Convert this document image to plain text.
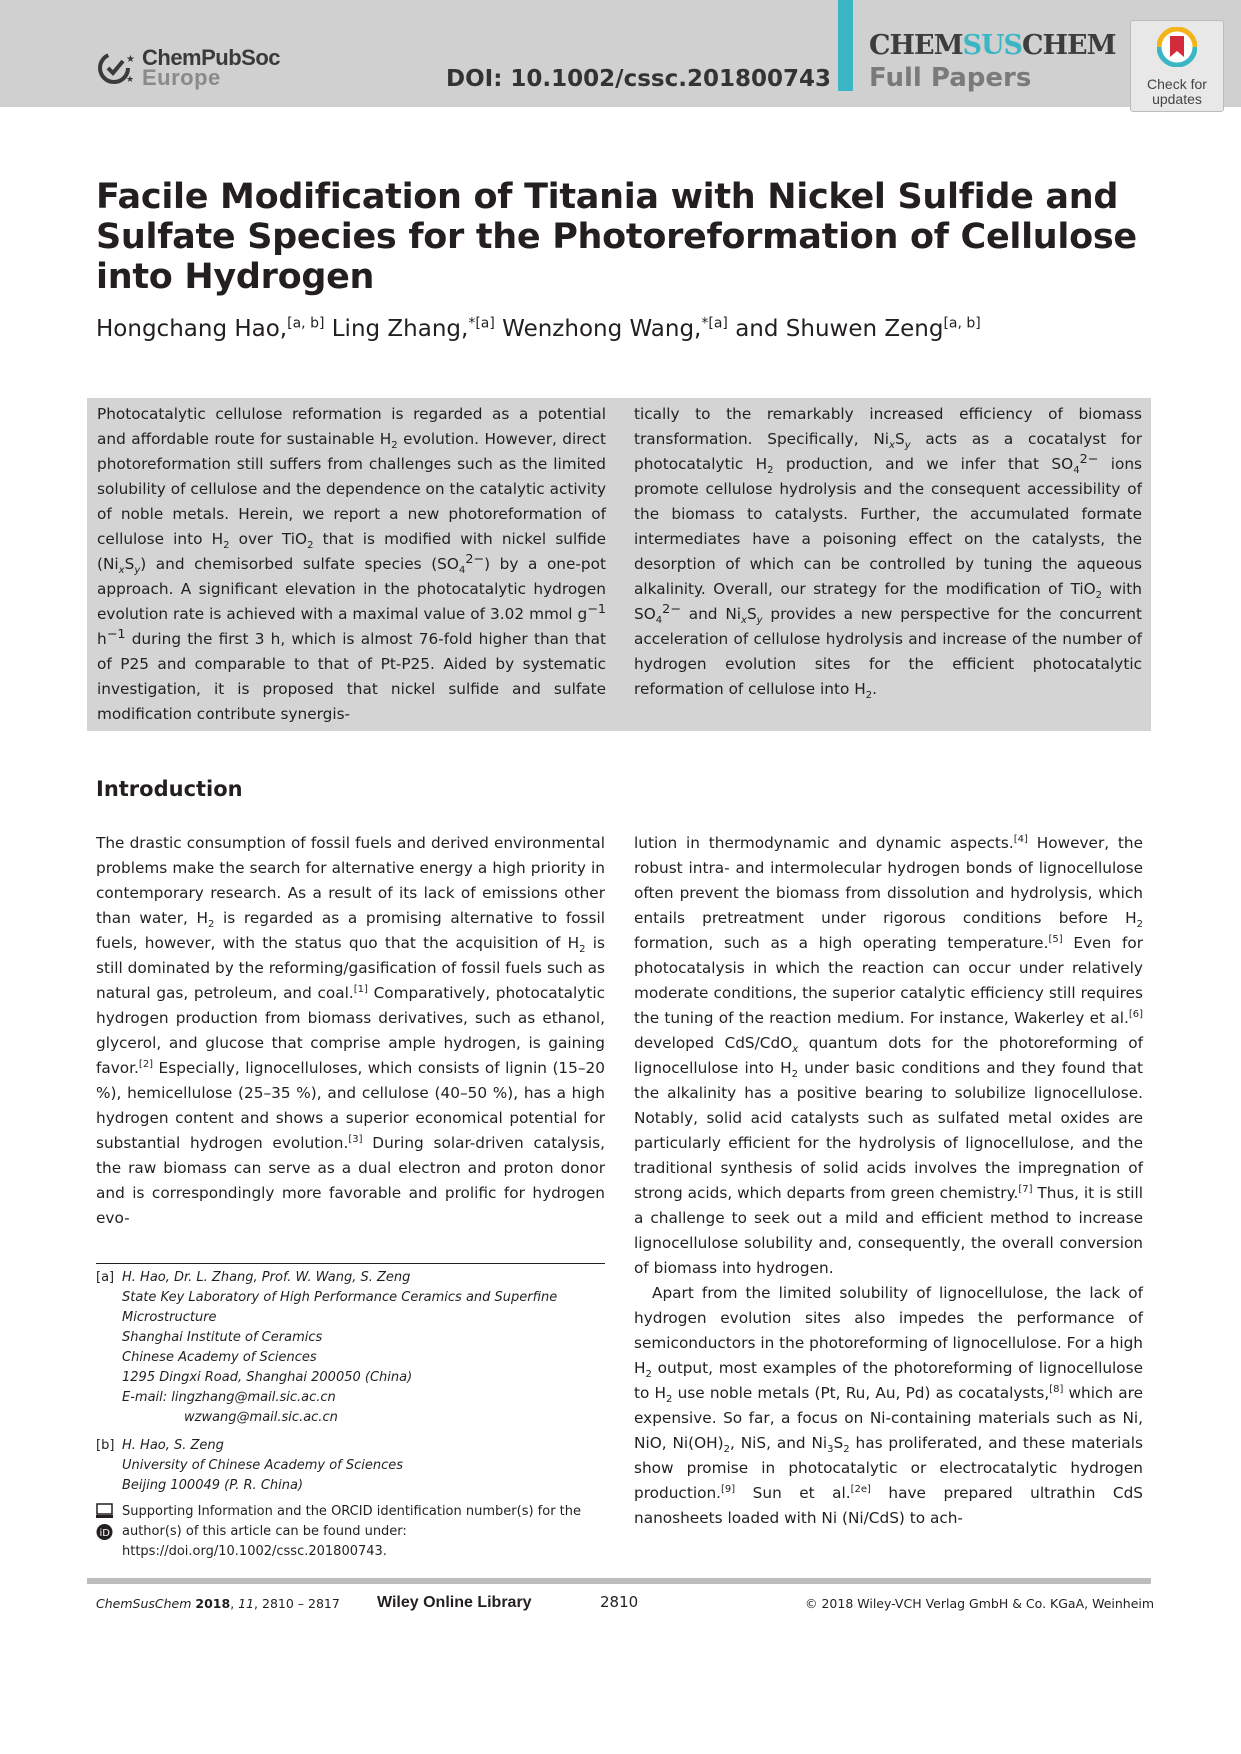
★
★
ChemPubSoc
Europe	DOI: 10.1002/cssc.201800743
CHEMSUSCHEM
Full Papers	Check for
updates
Facile Modification of Titania with Nickel Sulfide and Sulfate Species for the Photoreformation of Cellulose into Hydrogen
Hongchang Hao,[a, b] Ling Zhang,$^{*[a]}$ Wenzhong Wang,$^{*[a]}$ and Shuwen Zeng[a, b]
Photocatalytic cellulose reformation is regarded as a potential and affordable route for sustainable $H_2$ evolution. However, direct photoreformation still suffers from challenges such as the limited solubility of cellulose and the dependence on the catalytic activity of noble metals. Herein, we report a new photoreformation of cellulose into $H_2$ over TiO$_2$ that is modified with nickel sulfide $(Ni_xS_y)$ and chemisorbed sulfate species $(SO_4^{2-})$ by a one-pot approach. A significant elevation in the photocatalytic hydrogen evolution rate is achieved with a maximal value of 3.02 mmol $g^{-1}$ $h^{-1}$ during the first 3 h, which is almost 76-fold higher than that of P25 and comparable to that of Pt-P25. Aided by systematic investigation, it is proposed that nickel sulfide and sulfate modification contribute synergis-
tically to the remarkably increased efficiency of biomass transformation. Specifically, $Ni_xS_y$ acts as a cocatalyst for photocatalytic $H_2$ production, and we infer that $SO_4^{2-}$ ions promote cellulose hydrolysis and the consequent accessibility of the biomass to catalysts. Further, the accumulated formate intermediates have a poisoning effect on the catalysts, the desorption of which can be controlled by tuning the aqueous alkalinity. Overall, our strategy for the modification of TiO$_2$ with $SO_4^{2-}$ and $Ni_xS_y$ provides a new perspective for the concurrent acceleration of cellulose hydrolysis and increase of the number of hydrogen evolution sites for the efficient photocatalytic reformation of cellulose into $H_2$.
Introduction

The drastic consumption of fossil fuels and derived environmental problems make the search for alternative energy a high priority in contemporary research. As a result of its lack of emissions other than water, $H_2$ is regarded as a promising alternative to fossil fuels, however, with the status quo that the acquisition of $H_2$ is still dominated by the reforming/gasification of fossil fuels such as natural gas, petroleum, and coal.[1] Comparatively, photocatalytic hydrogen production from biomass derivatives, such as ethanol, glycerol, and glucose that comprise ample hydrogen, is gaining favor.[2] Especially, lignocelluloses, which consists of lignin (15–20 %), hemicellulose (25–35 %), and cellulose (40–50 %), has a high hydrogen content and shows a superior economical potential for substantial hydrogen evolution.[3] During solar-driven catalysis, the raw biomass can serve as a dual electron and proton donor and is correspondingly more favorable and prolific for hydrogen evo-

lution in thermodynamic and dynamic aspects.[4] However, the robust intra- and intermolecular hydrogen bonds of lignocellulose often prevent the biomass from dissolution and hydrolysis, which entails pretreatment under rigorous conditions before $H_2$ formation, such as a high operating temperature.[5] Even for photocatalysis in which the reaction can occur under relatively moderate conditions, the superior catalytic efficiency still requires the tuning of the reaction medium. For instance, Wakerley et al.[6] developed CdS/CdO$_x$ quantum dots for the photoreforming of lignocellulose into $H_2$ under basic conditions and they found that the alkalinity has a positive bearing to solubilize lignocellulose. Notably, solid acid catalysts such as sulfated metal oxides are particularly efficient for the hydrolysis of lignocellulose, and the traditional synthesis of solid acids involves the impregnation of strong acids, which departs from green chemistry.[7] Thus, it is still a challenge to seek out a mild and efficient method to increase lignocellulose solubility and, consequently, the overall conversion of biomass into hydrogen.

Apart from the limited solubility of lignocellulose, the lack of hydrogen evolution sites also impedes the performance of semiconductors in the photoreforming of lignocellulose. For a high $H_2$ output, most examples of the photoreforming of lignocellulose to $H_2$ use noble metals (Pt, Ru, Au, Pd) as cocatalysts,[8] which are expensive. So far, a focus on Ni-containing materials such as Ni, NiO, $Ni(OH)_2$, NiS, and $Ni_3S_2$ has proliferated, and these materials show promise in photocatalytic or electrocatalytic hydrogen production.[9] Sun et al.[2e] have prepared ultrathin CdS nanosheets loaded with Ni (Ni/CdS) to ach-

[a] H. Hao, Dr. L. Zhang, Prof. W. Wang, S. Zeng
State Key Laboratory of High Performance Ceramics and Superfine Microstructure
Shanghai Institute of Ceramics
Chinese Academy of Sciences
1295 Dingxi Road, Shanghai 200050 (China)
E-mail: lingzhang@mail.sic.ac.cn
wzwang@mail.sic.ac.cn
[b] H. Hao, S. Zeng
University of Chinese Academy of Sciences
Beijing 100049 (P. R. China)
iD
Supporting Information and the ORCID identification number(s) for the author(s) of this article can be found under: https://doi.org/10.1002/cssc.201800743.
ChemSusChem 2018, 11, 2810 – 2817 Wiley Online Library	2810	© 2018 Wiley-VCH Verlag GmbH & Co. KGaA, Weinheim
